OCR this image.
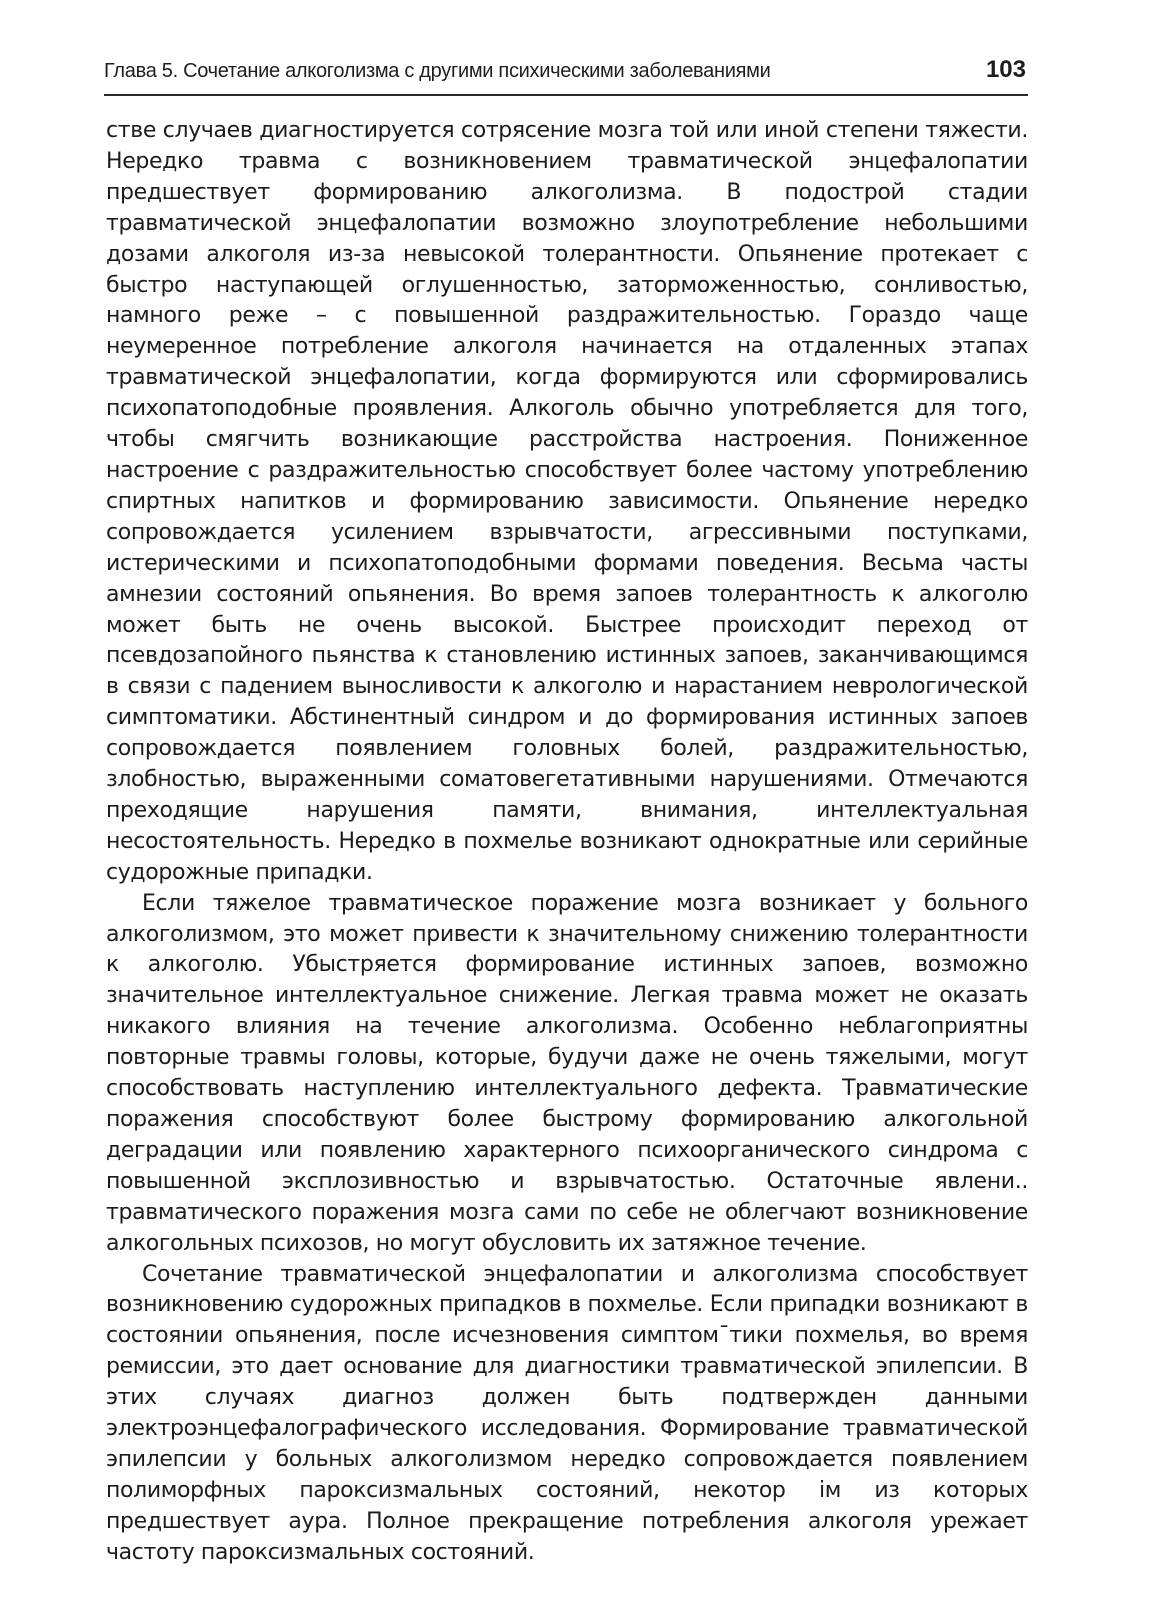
Глава 5. Сочетание алкоголизма с другими психическими заболеваниями	103

стве случаев диагностируется сотрясение мозга той или иной степени тяжести. Нередко травма с возникновением травматической энцефалопатии предшествует формированию алкоголизма. В подострой стадии травматической энцефалопатии возможно злоупотребление небольшими дозами алкоголя из-за невысокой толерантности. Опьянение протекает с быстро наступающей оглушенностью, заторможенностью, сонливостью, намного реже – с повышенной раздражительностью. Гораздо чаще неумеренное потребление алкоголя начинается на отдаленных этапах травматической энцефалопатии, когда формируются или сформировались психопатоподобные проявления. Алкоголь обычно употребляется для того, чтобы смягчить возникающие расстройства настроения. Пониженное настроение с раздражительностью способствует более частому употреблению спиртных напитков и формированию зависимости. Опьянение нередко сопровождается усилением взрывчатости, агрессивными поступками, истерическими и психопатоподобными формами поведения. Весьма часты амнезии состояний опьянения. Во время запоев толерантность к алкоголю может быть не очень высокой. Быстрее происходит переход от псевдозапойного пьянства к становлению истинных запоев, заканчивающимся в связи с падением выносливости к алкоголю и нарастанием неврологической симптоматики. Абстинентный синдром и до формирования истинных запоев сопровождается появлением головных болей, раздражительностью, злобностью, выраженными соматовегетативными нарушениями. Отмечаются преходящие нарушения памяти, внимания, интеллектуальная несостоятельность. Нередко в похмелье возникают однократные или серийные судорожные припадки.

Если тяжелое травматическое поражение мозга возникает у больного алкоголизмом, это может привести к значительному снижению толерантности к алкоголю. Убыстряется формирование истинных запоев, возможно значительное интеллектуальное снижение. Легкая травма может не оказать никакого влияния на течение алкоголизма. Особенно неблагоприятны повторные травмы головы, которые, будучи даже не очень тяжелыми, могут способствовать наступлению интеллектуального дефекта. Травматические поражения способствуют более быстрому формированию алкогольной деградации или появлению характерного психоорганического синдрома с повышенной эксплозивностью и взрывчатостью. Остаточные явлени.. травматического поражения мозга сами по себе не облегчают возникновение алкогольных психозов, но могут обусловить их затяжное течение.

Сочетание травматической энцефалопатии и алкоголизма способствует возникновению судорожных припадков в похмелье. Если припадки возникают в состоянии опьянения, после исчезновения симптом¯тики похмелья, во время ремиссии, это дает основание для диагностики травматической эпилепсии. В этих случаях диагноз должен быть подтвержден данными электроэнцефалографического исследования. Формирование травматической эпилепсии у больных алкоголизмом нередко сопровождается появлением полиморфных пароксизмальных состояний, некотор ім из которых предшествует аура. Полное прекращение потребления алкоголя урежает частоту пароксизмальных состояний.
